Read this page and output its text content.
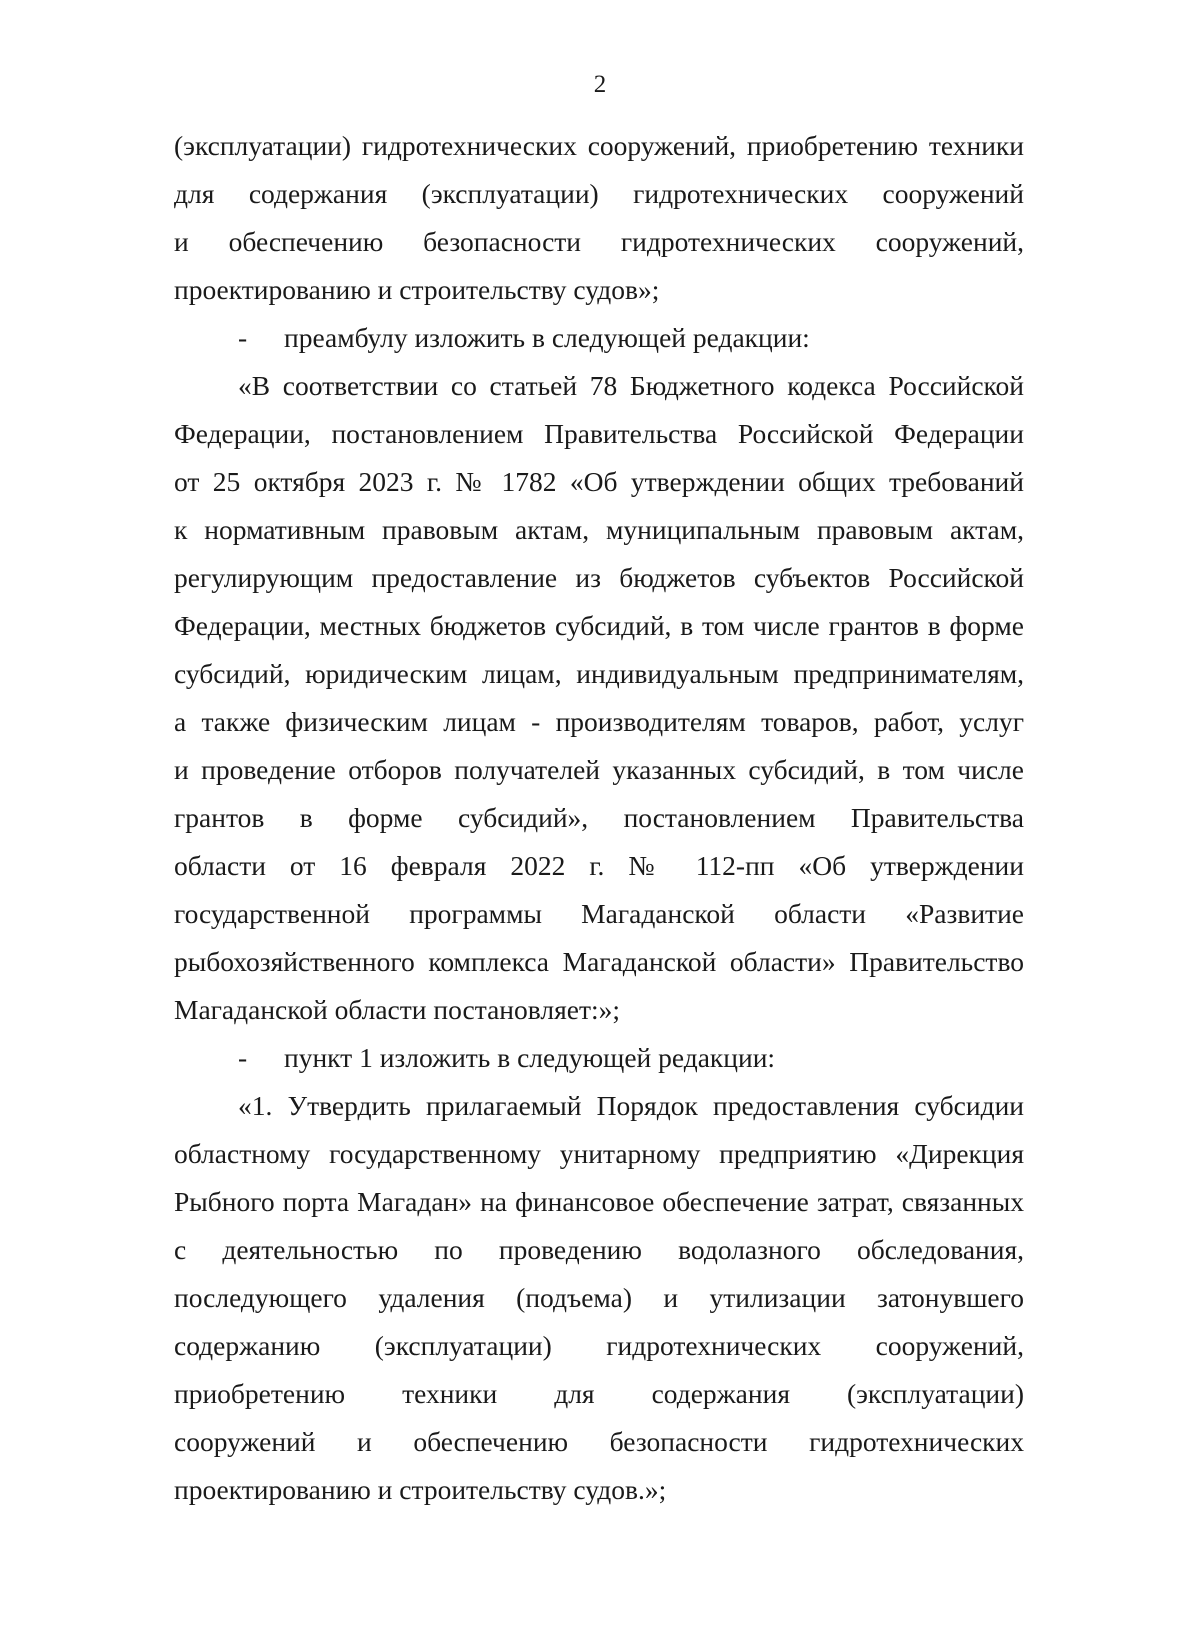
2
(эксплуатации) гидротехнических сооружений, приобретению техники
для содержания (эксплуатации) гидротехнических сооружений
и обеспечению безопасности гидротехнических сооружений,
проектированию и строительству судов»;
- преамбулу изложить в следующей редакции:
«В соответствии со статьей 78 Бюджетного кодекса Российской
Федерации, постановлением Правительства Российской Федерации
от 25 октября 2023 г. № 1782 «Об утверждении общих требований
к нормативным правовым актам, муниципальным правовым актам,
регулирующим предоставление из бюджетов субъектов Российской
Федерации, местных бюджетов субсидий, в том числе грантов в форме
субсидий, юридическим лицам, индивидуальным предпринимателям,
а также физическим лицам - производителям товаров, работ, услуг
и проведение отборов получателей указанных субсидий, в том числе
грантов в форме субсидий», постановлением Правительства
области от 16 февраля 2022 г. № 112-пп «Об утверждении
государственной программы Магаданской области «Развитие
рыбохозяйственного комплекса Магаданской области» Правительство
Магаданской области постановляет:»;
- пункт 1 изложить в следующей редакции:
«1. Утвердить прилагаемый Порядок предоставления субсидии
областному государственному унитарному предприятию «Дирекция
Рыбного порта Магадан» на финансовое обеспечение затрат, связанных
с деятельностью по проведению водолазного обследования,
последующего удаления (подъема) и утилизации затонувшего
содержанию (эксплуатации) гидротехнических сооружений,
приобретению техники для содержания (эксплуатации)
сооружений и обеспечению безопасности гидротехнических
проектированию и строительству судов.»;
